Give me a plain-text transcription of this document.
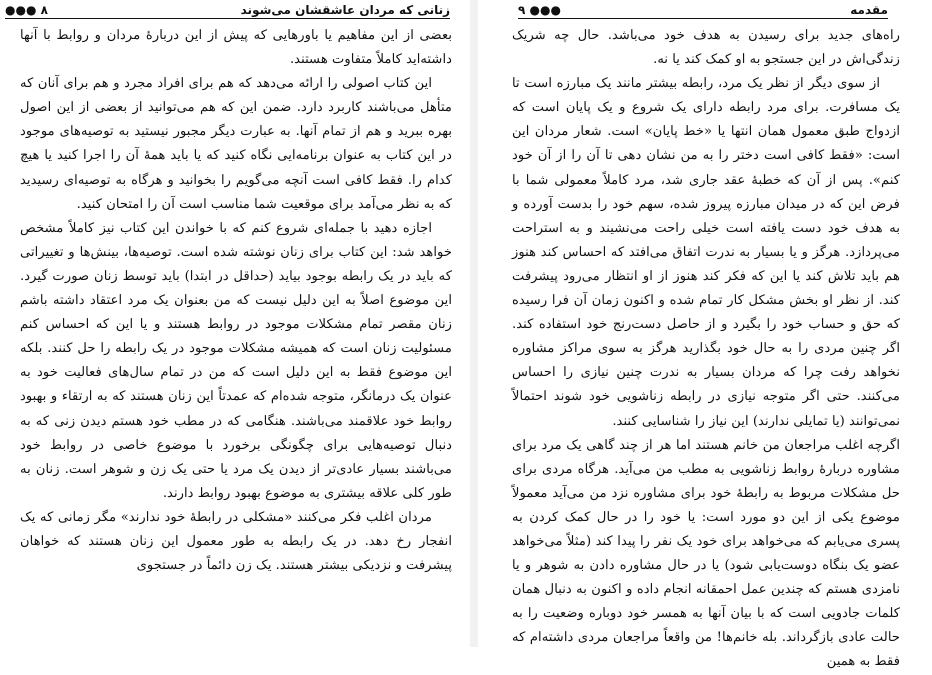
زنانی که مردان عاشقشان می‌شوند
۸ ●●●

بعضی از این مفاهیم یا باورهایی که پیش از این دربارهٔ مردان و روابط با آنها داشته‌اید کاملاً متفاوت هستند.

این کتاب اصولی را ارائه می‌دهد که هم برای افراد مجرد و هم برای آنان که متأهل می‌باشند کاربرد دارد. ضمن این که هم می‌توانید از بعضی از این اصول بهره ببرید و هم از تمام آنها. به عبارت دیگر مجبور نیستید به توصیه‌های موجود در این کتاب به عنوان برنامه‌ایی نگاه کنید که یا باید همهٔ آن را اجرا کنید یا هیچ کدام را. فقط کافی است آنچه می‌گویم را بخوانید و هرگاه به توصیه‌ای رسیدید که به نظر می‌آمد برای موقعیت شما مناسب است آن را امتحان کنید.

اجازه دهید با جمله‌ای شروع کنم که با خواندن این کتاب نیز کاملاً مشخص خواهد شد: این کتاب برای زنان نوشته شده است. توصیه‌ها، بینش‌ها و تغییراتی که باید در یک رابطه بوجود بیاید (حداقل در ابتدا) باید توسط زنان صورت گیرد. این موضوع اصلاً به این دلیل نیست که من بعنوان یک مرد اعتقاد داشته باشم زنان مقصر تمام مشکلات موجود در روابط هستند و یا این که احساس کنم مسئولیت زنان است که همیشه مشکلات موجود در یک رابطه را حل کنند. بلکه این موضوع فقط به این دلیل است که من در تمام سال‌های فعالیت خود به عنوان یک درمانگر، متوجه شده‌ام که عمدتاً این زنان هستند که به ارتقاء و بهبود روابط خود علاقمند می‌باشند. هنگامی که در مطب خود هستم دیدن زنی که به دنبال توصیه‌هایی برای چگونگی برخورد با موضوع خاصی در روابط خود می‌باشند بسیار عادی‌تر از دیدن یک مرد یا حتی یک زن و شوهر است. زنان به طور کلی علاقه بیشتری به موضوع بهبود روابط دارند.

مردان اغلب فکر می‌کنند «مشکلی در رابطهٔ خود ندارند» مگر زمانی که یک انفجار رخ دهد. در یک رابطه به طور معمول این زنان هستند که خواهان پیشرفت و نزدیکی بیشتر هستند. یک زن دائماً در جستجوی

مقدمه
●●● ۹

راه‌های جدید برای رسیدن به هدف خود می‌باشد. حال چه شریک زندگی‌اش در این جستجو به او کمک کند یا نه.

از سوی دیگر از نظر یک مرد، رابطه بیشتر مانند یک مبارزه است تا یک مسافرت. برای مرد رابطه دارای یک شروع و یک پایان است که ازدواج طبق معمول همان انتها یا «خط پایان» است. شعار مردان این است: «فقط کافی است دختر را به من نشان دهی تا آن را از آن خود کنم». پس از آن که خطبهٔ عقد جاری شد، مرد کاملاً معمولی شما با فرض این که در میدان مبارزه پیروز شده، سهم خود را بدست آورده و به هدف خود دست یافته است خیلی راحت می‌نشیند و به استراحت می‌پردازد. هرگز و یا بسیار به ندرت اتفاق می‌افتد که احساس کند هنوز هم باید تلاش کند یا این که فکر کند هنوز از او انتظار می‌رود پیشرفت کند. از نظر او بخش مشکل کار تمام شده و اکنون زمان آن فرا رسیده که حق و حساب خود را بگیرد و از حاصل دست‌رنج خود استفاده کند. اگر چنین مردی را به حال خود بگذارید هرگز به سوی مراکز مشاوره نخواهد رفت چرا که مردان بسیار به ندرت چنین نیازی را احساس می‌کنند. حتی اگر متوجه نیازی در رابطه زناشویی خود شوند احتمالاً نمی‌توانند (یا تمایلی ندارند) این نیاز را شناسایی کنند.

اگرچه اغلب مراجعان من خانم هستند اما هر از چند گاهی یک مرد برای مشاوره دربارهٔ روابط زناشویی به مطب من می‌آید. هرگاه مردی برای حل مشکلات مربوط به رابطهٔ خود برای مشاوره نزد من می‌آید معمولاً موضوع یکی از این دو مورد است: یا خود را در حال کمک کردن به پسری می‌یابم که می‌خواهد برای خود یک نفر را پیدا کند (مثلاً می‌خواهد عضو یک بنگاه دوست‌یابی شود) یا در حال مشاوره دادن به شوهر و یا نامزدی هستم که چندین عمل احمقانه انجام داده و اکنون به دنبال همان کلمات جادویی است که با بیان آنها به همسر خود دوباره وضعیت را به حالت عادی بازگرداند. بله خانم‌ها! من واقعاً مراجعان مردی داشته‌ام که فقط به همین
